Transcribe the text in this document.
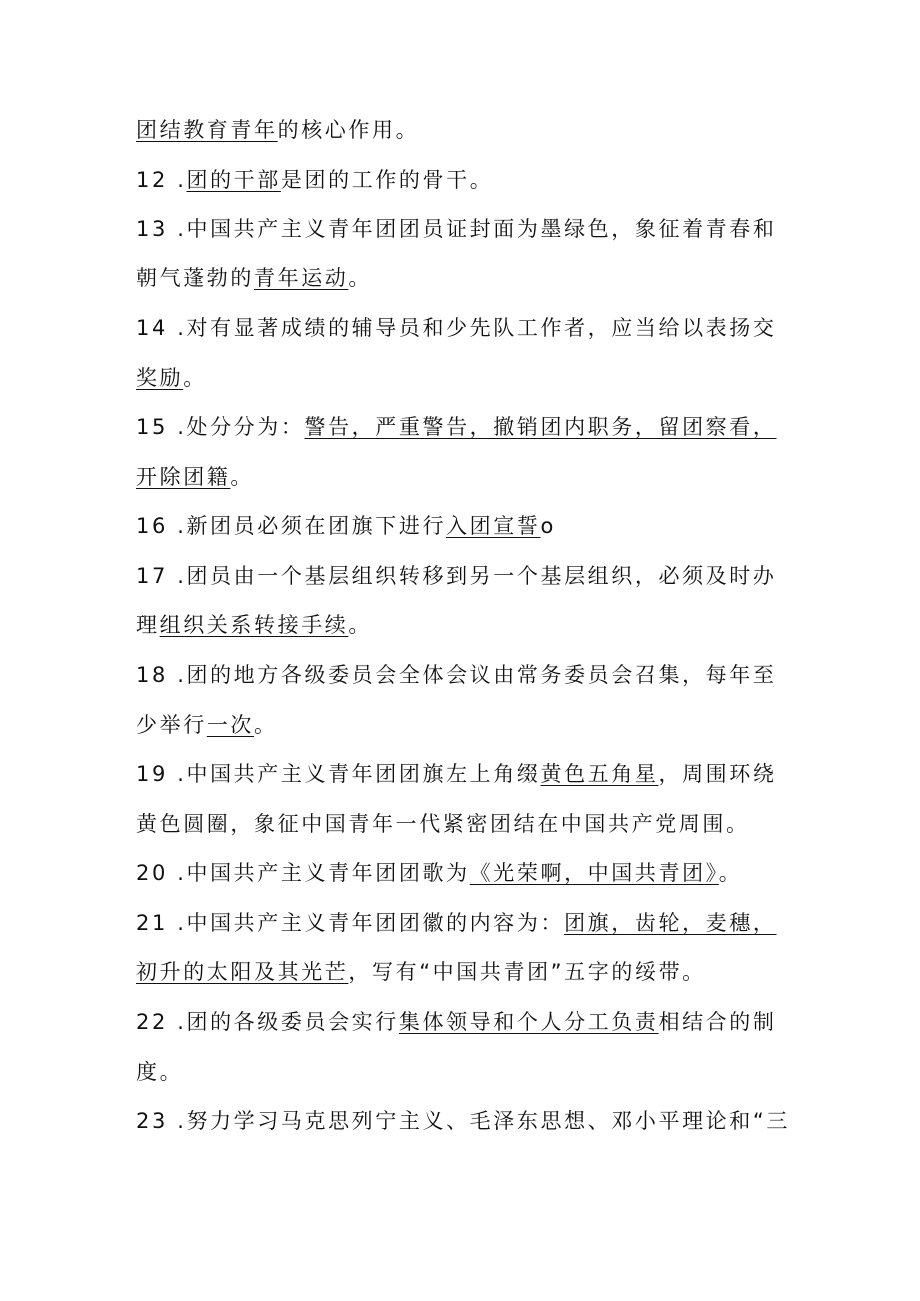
团结教育青年的核心作用。
12 .团的干部是团的工作的骨干。
13 .中国共产主义青年团团员证封面为墨绿色，象征着青春和
朝气蓬勃的青年运动。
14 .对有显著成绩的辅导员和少先队工作者，应当给以表扬交
奖励。
15 .处分分为：警告，严重警告，撤销团内职务，留团察看，
开除团籍。
16 .新团员必须在团旗下进行入团宣誓o
17 .团员由一个基层组织转移到另一个基层组织，必须及时办
理组织关系转接手续。
18 .团的地方各级委员会全体会议由常务委员会召集，每年至
少举行一次。
19 .中国共产主义青年团团旗左上角缀黄色五角星，周围环绕
黄色圆圈，象征中国青年一代紧密团结在中国共产党周围。
20 .中国共产主义青年团团歌为《光荣啊，中国共青团》。
21 .中国共产主义青年团团徽的内容为：团旗，齿轮，麦穗，
初升的太阳及其光芒，写有“中国共青团”五字的绥带。
22 .团的各级委员会实行集体领导和个人分工负责相结合的制
度。
23 .努力学习马克思列宁主义、毛泽东思想、邓小平理论和“三
